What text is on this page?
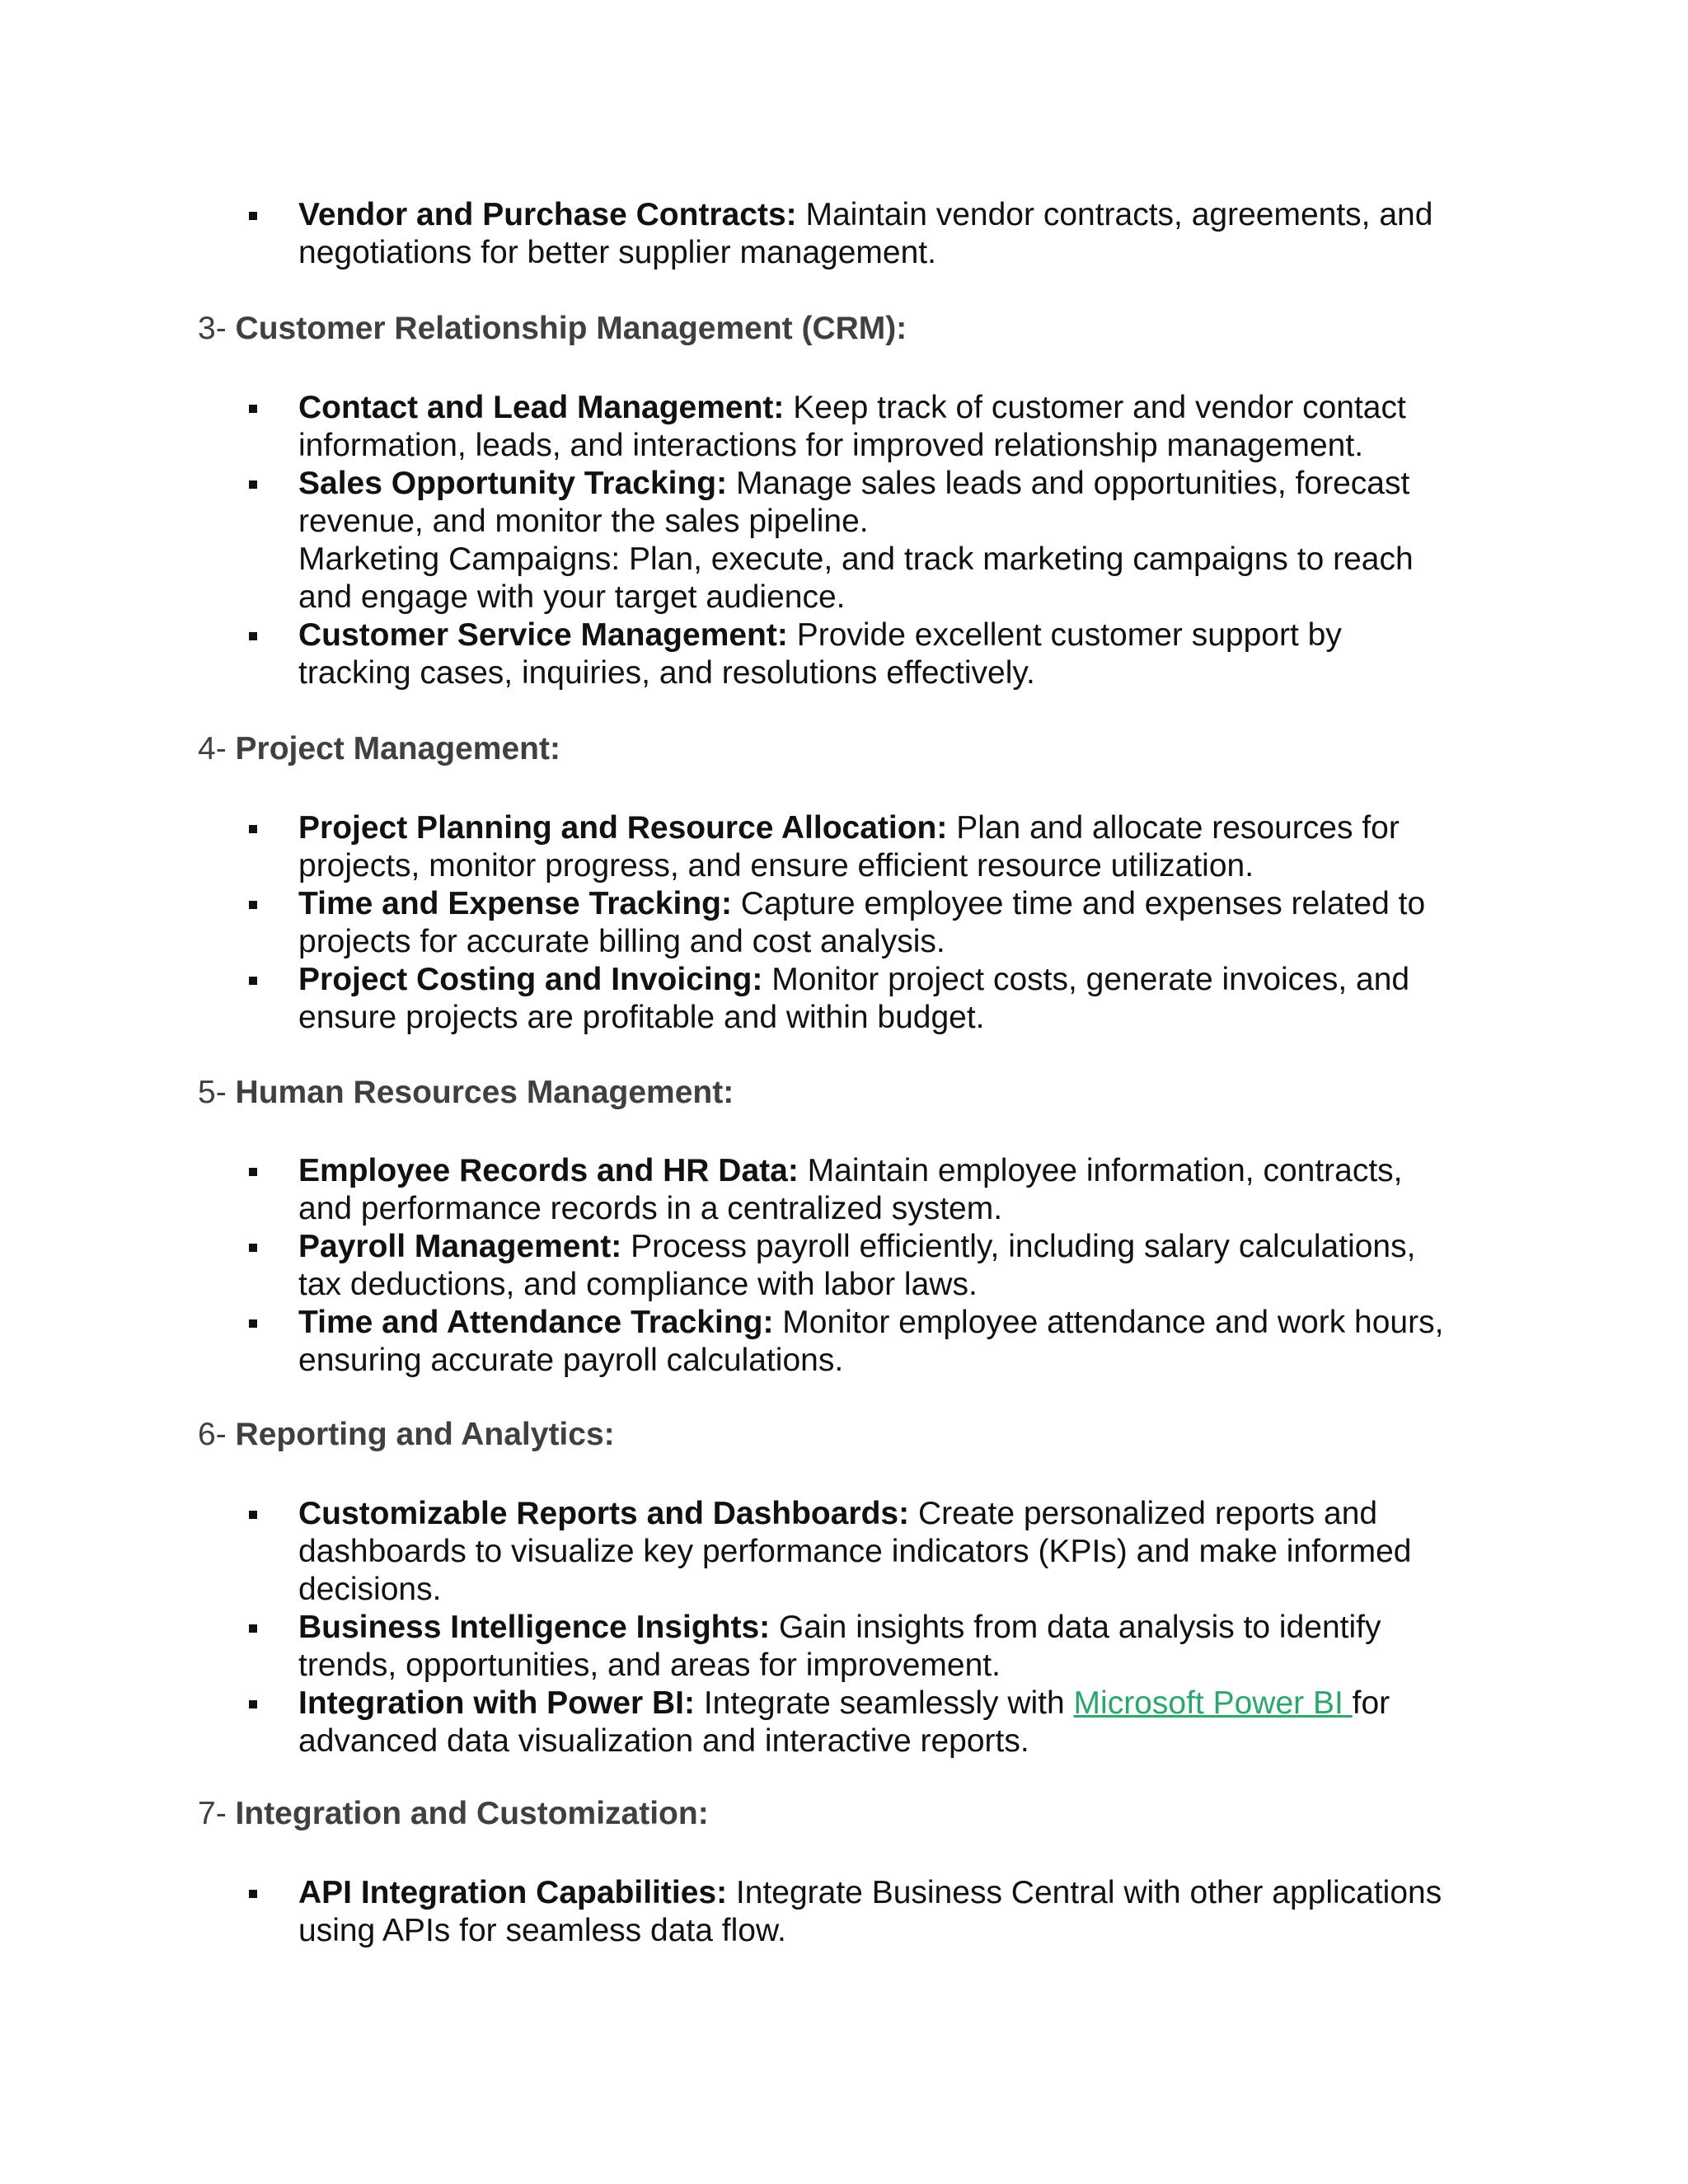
Vendor and Purchase Contracts: Maintain vendor contracts, agreements, and
negotiations for better supplier management.
3- Customer Relationship Management (CRM):
Contact and Lead Management: Keep track of customer and vendor contact
information, leads, and interactions for improved relationship management.
Sales Opportunity Tracking: Manage sales leads and opportunities, forecast
revenue, and monitor the sales pipeline.
Marketing Campaigns: Plan, execute, and track marketing campaigns to reach
and engage with your target audience.
Customer Service Management: Provide excellent customer support by
tracking cases, inquiries, and resolutions effectively.
4- Project Management:
Project Planning and Resource Allocation: Plan and allocate resources for
projects, monitor progress, and ensure efficient resource utilization.
Time and Expense Tracking: Capture employee time and expenses related to
projects for accurate billing and cost analysis.
Project Costing and Invoicing: Monitor project costs, generate invoices, and
ensure projects are profitable and within budget.
5- Human Resources Management:
Employee Records and HR Data: Maintain employee information, contracts,
and performance records in a centralized system.
Payroll Management: Process payroll efficiently, including salary calculations,
tax deductions, and compliance with labor laws.
Time and Attendance Tracking: Monitor employee attendance and work hours,
ensuring accurate payroll calculations.
6- Reporting and Analytics:
Customizable Reports and Dashboards: Create personalized reports and
dashboards to visualize key performance indicators (KPIs) and make informed
decisions.
Business Intelligence Insights: Gain insights from data analysis to identify
trends, opportunities, and areas for improvement.
Integration with Power BI: Integrate seamlessly with Microsoft Power BI for
advanced data visualization and interactive reports.
7- Integration and Customization:
API Integration Capabilities: Integrate Business Central with other applications
using APIs for seamless data flow.
